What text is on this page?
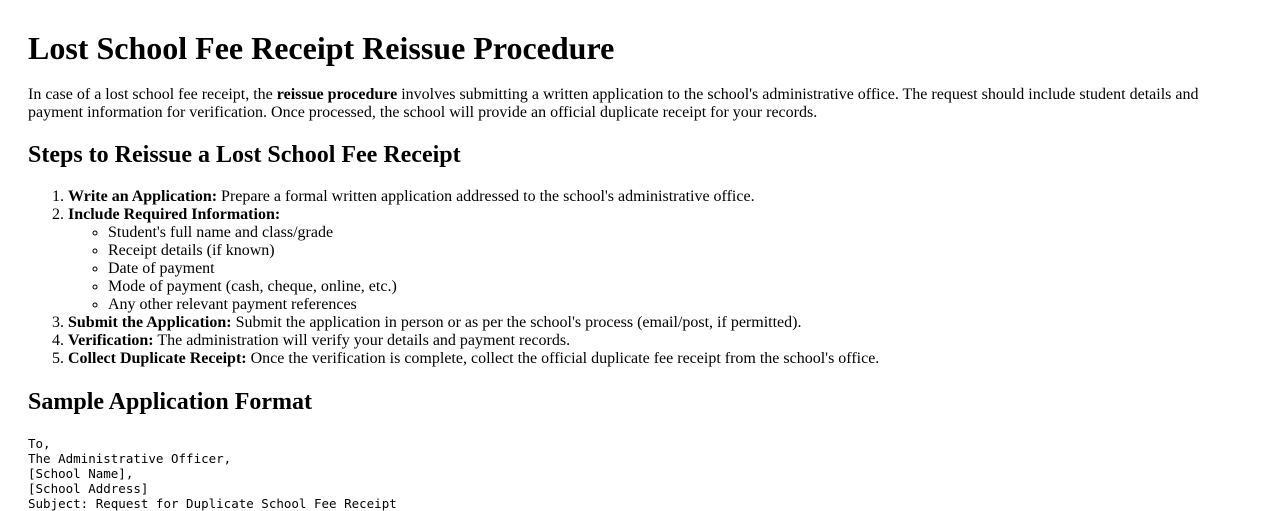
Lost School Fee Receipt Reissue Procedure

In case of a lost school fee receipt, the reissue procedure involves submitting a written application to the school's administrative office. The request should include student details and payment information for verification. Once processed, the school will provide an official duplicate receipt for your records.

Steps to Reissue a Lost School Fee Receipt
1. Write an Application: Prepare a formal written application addressed to the school's administrative office.
2. Include Required Information:
◦ Student's full name and class/grade
◦ Receipt details (if known)
◦ Date of payment
◦ Mode of payment (cash, cheque, online, etc.)
◦ Any other relevant payment references
3. Submit the Application: Submit the application in person or as per the school's process (email/post, if permitted).
4. Verification: The administration will verify your details and payment records.
5. Collect Duplicate Receipt: Once the verification is complete, collect the official duplicate fee receipt from the school's office.
Sample Application Format
To,
The Administrative Officer,
[School Name],
[School Address]
Subject: Request for Duplicate School Fee Receipt
